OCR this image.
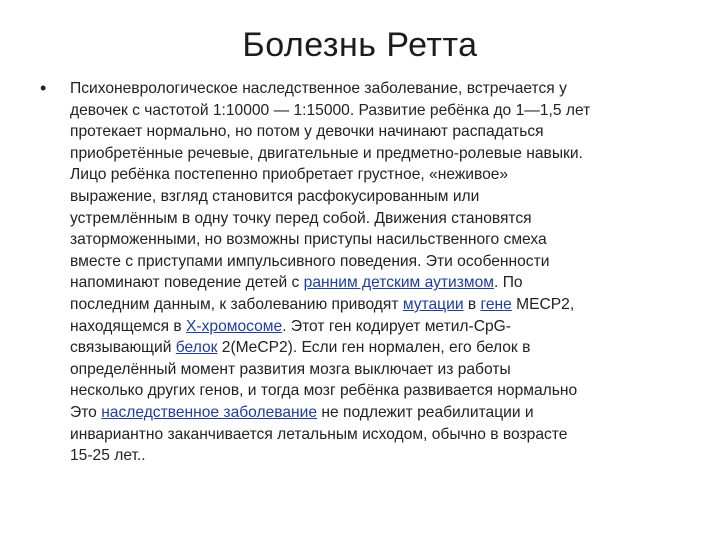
Болезнь Ретта
• Психоневрологическое наследственное заболевание, встречается у
девочек с частотой 1:10000 — 1:15000. Развитие ребёнка до 1—1,5 лет
протекает нормально, но потом у девочки начинают распадаться
приобретённые речевые, двигательные и предметно-ролевые навыки.
Лицо ребёнка постепенно приобретает грустное, «неживое»
выражение, взгляд становится расфокусированным или
устремлённым в одну точку перед собой. Движения становятся
заторможенными, но возможны приступы насильственного смеха
вместе с приступами импульсивного поведения. Эти особенности
напоминают поведение детей с ранним детским аутизмом. По
последним данным, к заболеванию приводят мутации в гене MECP2,
находящемся в Х-хромосоме. Этот ген кодирует метил-CpG-
связывающий белок 2(MeCP2). Если ген нормален, его белок в
определённый момент развития мозга выключает из работы
несколько других генов, и тогда мозг ребёнка развивается нормально
Это наследственное заболевание не подлежит реабилитации и
инвариантно заканчивается летальным исходом, обычно в возрасте
15-25 лет..
